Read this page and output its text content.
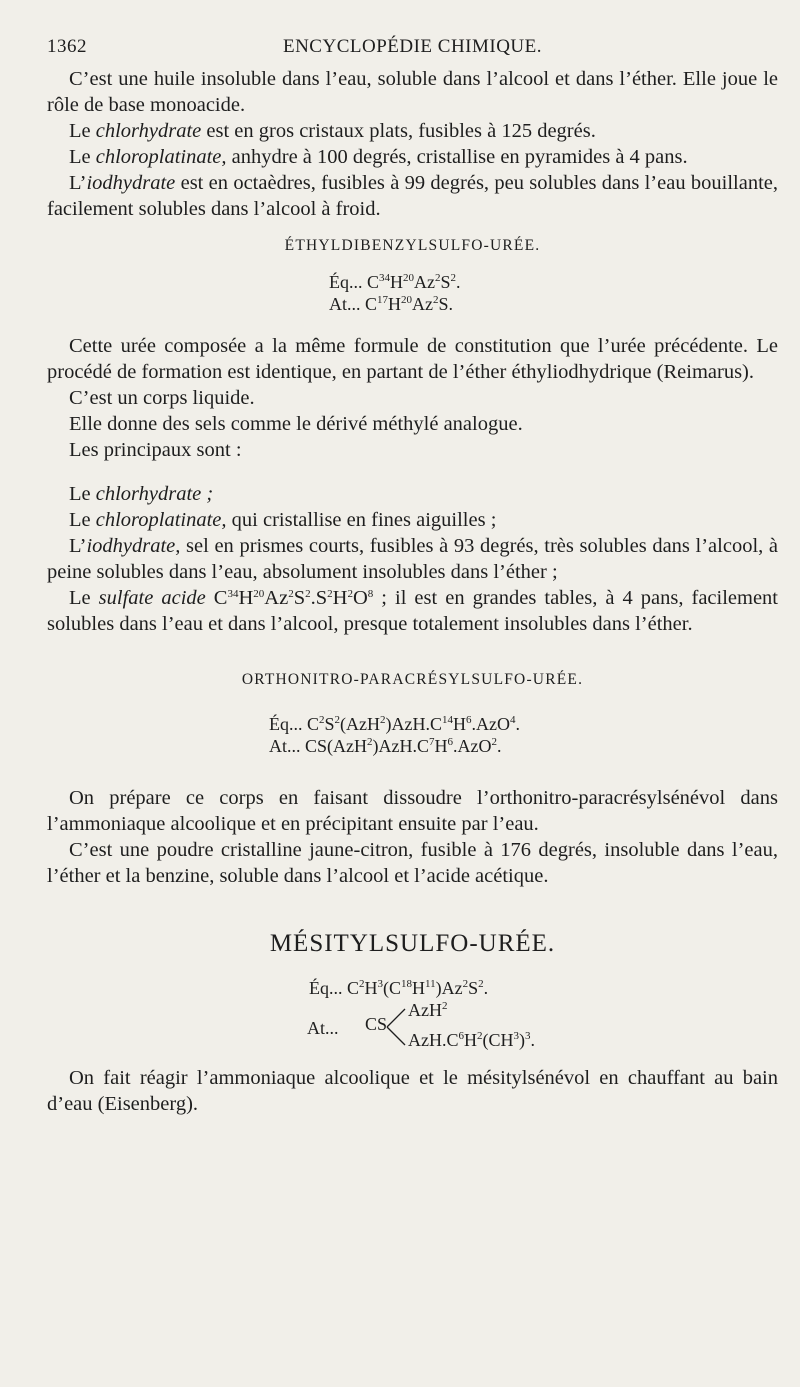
1362	ENCYCLOPÉDIE CHIMIQUE.

C’est une huile insoluble dans l’eau, soluble dans l’alcool et dans l’éther. Elle joue le rôle de base monoacide.

Le chlorhydrate est en gros cristaux plats, fusibles à 125 degrés.

Le chloroplatinate, anhydre à 100 degrés, cristallise en pyramides à 4 pans.

L’iodhydrate est en octaèdres, fusibles à 99 degrés, peu solubles dans l’eau bouillante, facilement solubles dans l’alcool à froid.

ÉTHYLDIBENZYLSULFO-URÉE.
Éq... $C^{34}H^{20}Az^2S^2$.
At... $C^{17}H^{20}Az^2S$.

Cette urée composée a la même formule de constitution que l’urée précédente. Le procédé de formation est identique, en partant de l’éther éthyliodhydrique (Reimarus).

C’est un corps liquide.

Elle donne des sels comme le dérivé méthylé analogue.

Les principaux sont :

Le chlorhydrate ;

Le chloroplatinate, qui cristallise en fines aiguilles ;

L’iodhydrate, sel en prismes courts, fusibles à 93 degrés, très solubles dans l’alcool, à peine solubles dans l’eau, absolument insolubles dans l’éther ;

Le sulfate acide $C^{34}H^{20}Az^2S^2.S^2H^2O^8$ ; il est en grandes tables, à 4 pans, facilement solubles dans l’eau et dans l’alcool, presque totalement insolubles dans l’éther.

ORTHONITRO-PARACRÉSYLSULFO-URÉE.
Éq... $C^2S^2(AzH^2)AzH.C^{14}H^6.AzO^4$.
At... $CS(AzH^2)AzH.C^7H^6.AzO^2$.

On prépare ce corps en faisant dissoudre l’orthonitro-paracrésylsénévol dans l’ammoniaque alcoolique et en précipitant ensuite par l’eau.

C’est une poudre cristalline jaune-citron, fusible à 176 degrés, insoluble dans l’eau, l’éther et la benzine, soluble dans l’alcool et l’acide acétique.

MÉSITYLSULFO-URÉE.
Éq... $C^2H^3(C^{18}H^{11})Az^2S^2$.
At... CS
AzH$^2$
$AzH.C^6H^2(CH^3)^3$.

On fait réagir l’ammoniaque alcoolique et le mésitylsénévol en chauffant au bain d’eau (Eisenberg).
